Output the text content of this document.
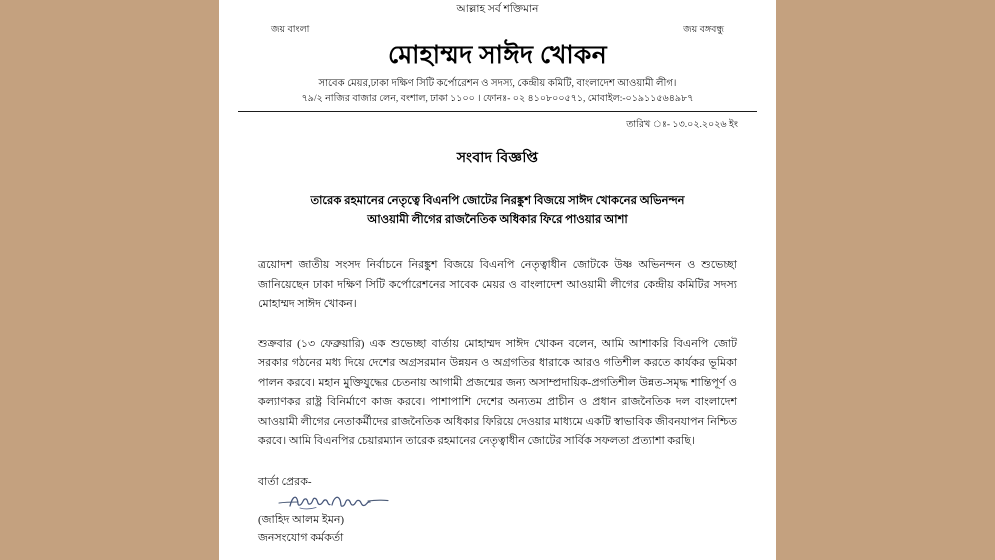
আল্লাহ সর্ব শক্তিমান
জয় বাংলা	জয় বঙ্গবন্ধু
মোহাম্মদ সাঈদ খোকন
সাবেক মেয়র,ঢাকা দক্ষিণ সিটি কর্পোরেশন ও সদস্য, কেন্দ্রীয় কমিটি, বাংলাদেশ আওয়ামী লীগ।
৭৯/২ নাজির বাজার লেন, বংশাল, ঢাকা ১১০০ । ফোনঃ- ০২ ৪১০৮০০৫৭১, মোবাইল:-০১৯১১৫৬৪৯৮৭
তারিখ ঃ- ১৩.০২.২০২৬ ইং
সংবাদ বিজ্ঞপ্তি
তারেক রহমানের নেতৃত্বে বিএনপি জোটের নিরঙ্কুশ বিজয়ে সাঈদ খোকনের অভিনন্দন
আওয়ামী লীগের রাজনৈতিক অধিকার ফিরে পাওয়ার আশা

ত্রয়োদশ জাতীয় সংসদ নির্বাচনে নিরঙ্কুশ বিজয়ে বিএনপি নেতৃত্বাধীন জোটকে উষ্ণ অভিনন্দন ও শুভেচ্ছা জানিয়েছেন ঢাকা দক্ষিণ সিটি কর্পোরেশনের সাবেক মেয়র ও বাংলাদেশ আওয়ামী লীগের কেন্দ্রীয় কমিটির সদস্য মোহাম্মদ সাঈদ খোকন।

শুক্রবার (১৩ ফেব্রুয়ারি) এক শুভেচ্ছা বার্তায় মোহাম্মদ সাঈদ খোকন বলেন, আমি আশাকরি বিএনপি জোট সরকার গঠনের মধ্য দিয়ে দেশের অগ্রসরমান উন্নয়ন ও অগ্রগতির ধারাকে আরও গতিশীল করতে কার্যকর ভূমিকা পালন করবে। মহান মুক্তিযুদ্ধের চেতনায় আগামী প্রজন্মের জন্য অসাম্প্রদায়িক-প্রগতিশীল উন্নত-সমৃদ্ধ শান্তিপূর্ণ ও কল্যাণকর রাষ্ট্র বিনির্মাণে কাজ করবে। পাশাপাশি দেশের অন্যতম প্রাচীন ও প্রধান রাজনৈতিক দল বাংলাদেশ আওয়ামী লীগের নেতাকর্মীদের রাজনৈতিক অধিকার ফিরিয়ে দেওয়ার মাধ্যমে একটি স্বাভাবিক জীবনযাপন নিশ্চিত করবে। আমি বিএনপির চেয়ারম্যান তারেক রহমানের নেতৃত্বাধীন জোটের সার্বিক সফলতা প্রত্যাশা করছি।

বার্তা প্রেরক-
(জাহিদ আলম ইমন)
জনসংযোগ কর্মকর্তা
